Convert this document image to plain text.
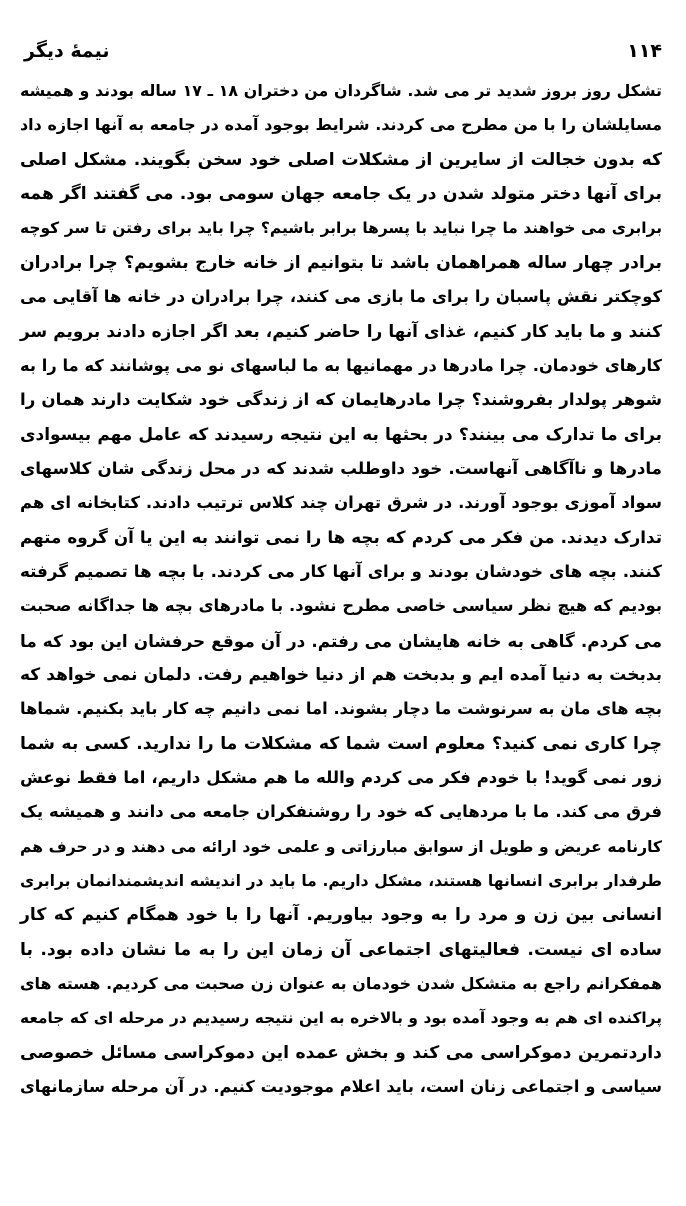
نیمهٔ دیگر	۱۱۴
تشکل روز بروز شدید تر می شد. شاگردان من دختران ۱۸ ـ ۱۷ ساله بودند و همیشه
مسایلشان را با من مطرح می کردند. شرایط بوجود آمده در جامعه به آنها اجازه داد
که بدون خجالت از سایرین از مشکلات اصلی خود سخن بگویند. مشکل اصلی
برای آنها دختر متولد شدن در یک جامعه جهان سومی بود. می گفتند اگر همه
برابری می خواهند ما چرا نباید با پسرها برابر باشیم؟ چرا باید برای رفتن تا سر کوچه
برادر چهار ساله همراهمان باشد تا بتوانیم از خانه خارج بشویم؟ چرا برادران
کوچکتر نقش پاسبان را برای ما بازی می کنند، چرا برادران در خانه ها آقایی می
کنند و ما باید کار کنیم، غذای آنها را حاضر کنیم، بعد اگر اجازه دادند برویم سر
کارهای خودمان. چرا مادرها در مهمانیها به ما لباسهای نو می پوشانند که ما را به
شوهر پولدار بفروشند؟ چرا مادرهایمان که از زندگی خود شکایت دارند همان را
برای ما تدارک می بینند؟ در بحثها به این نتیجه رسیدند که عامل مهم بیسوادی
مادرها و ناآگاهی آنهاست. خود داوطلب شدند که در محل زندگی شان کلاسهای
سواد آموزی بوجود آورند. در شرق تهران چند کلاس ترتیب دادند. کتابخانه ای هم
تدارک دیدند. من فکر می کردم که بچه ها را نمی توانند به این یا آن گروه متهم
کنند. بچه های خودشان بودند و برای آنها کار می کردند. با بچه ها تصمیم گرفته
بودیم که هیچ نظر سیاسی خاصی مطرح نشود. با مادرهای بچه ها جداگانه صحبت
می کردم. گاهی به خانه هایشان می رفتم. در آن موقع حرفشان این بود که ما
بدبخت به دنیا آمده ایم و بدبخت هم از دنیا خواهیم رفت. دلمان نمی خواهد که
بچه های مان به سرنوشت ما دچار بشوند. اما نمی دانیم چه کار باید بکنیم. شماها
چرا کاری نمی کنید؟ معلوم است شما که مشکلات ما را ندارید. کسی به شما
زور نمی گوید! با خودم فکر می کردم والله ما هم مشکل داریم، اما فقط نوعش
فرق می کند. ما با مردهایی که خود را روشنفکران جامعه می دانند و همیشه یک
کارنامه عریض و طویل از سوابق مبارزاتی و علمی خود ارائه می دهند و در حرف هم
طرفدار برابری انسانها هستند، مشکل داریم. ما باید در اندیشه اندیشمندانمان برابری
انسانی بین زن و مرد را به وجود بیاوریم. آنها را با خود همگام کنیم که کار
ساده ای نیست. فعالیتهای اجتماعی آن زمان این را به ما نشان داده بود. با
همفکرانم راجع به متشکل شدن خودمان به عنوان زن صحبت می کردیم. هسته های
پراکنده ای هم به وجود آمده بود و بالاخره به این نتیجه رسیدیم در مرحله ای که جامعه
داردتمرین دموکراسی می کند و بخش عمده این دموکراسی مسائل خصوصی
سیاسی و اجتماعی زنان است، باید اعلام موجودیت کنیم. در آن مرحله سازمانهای
